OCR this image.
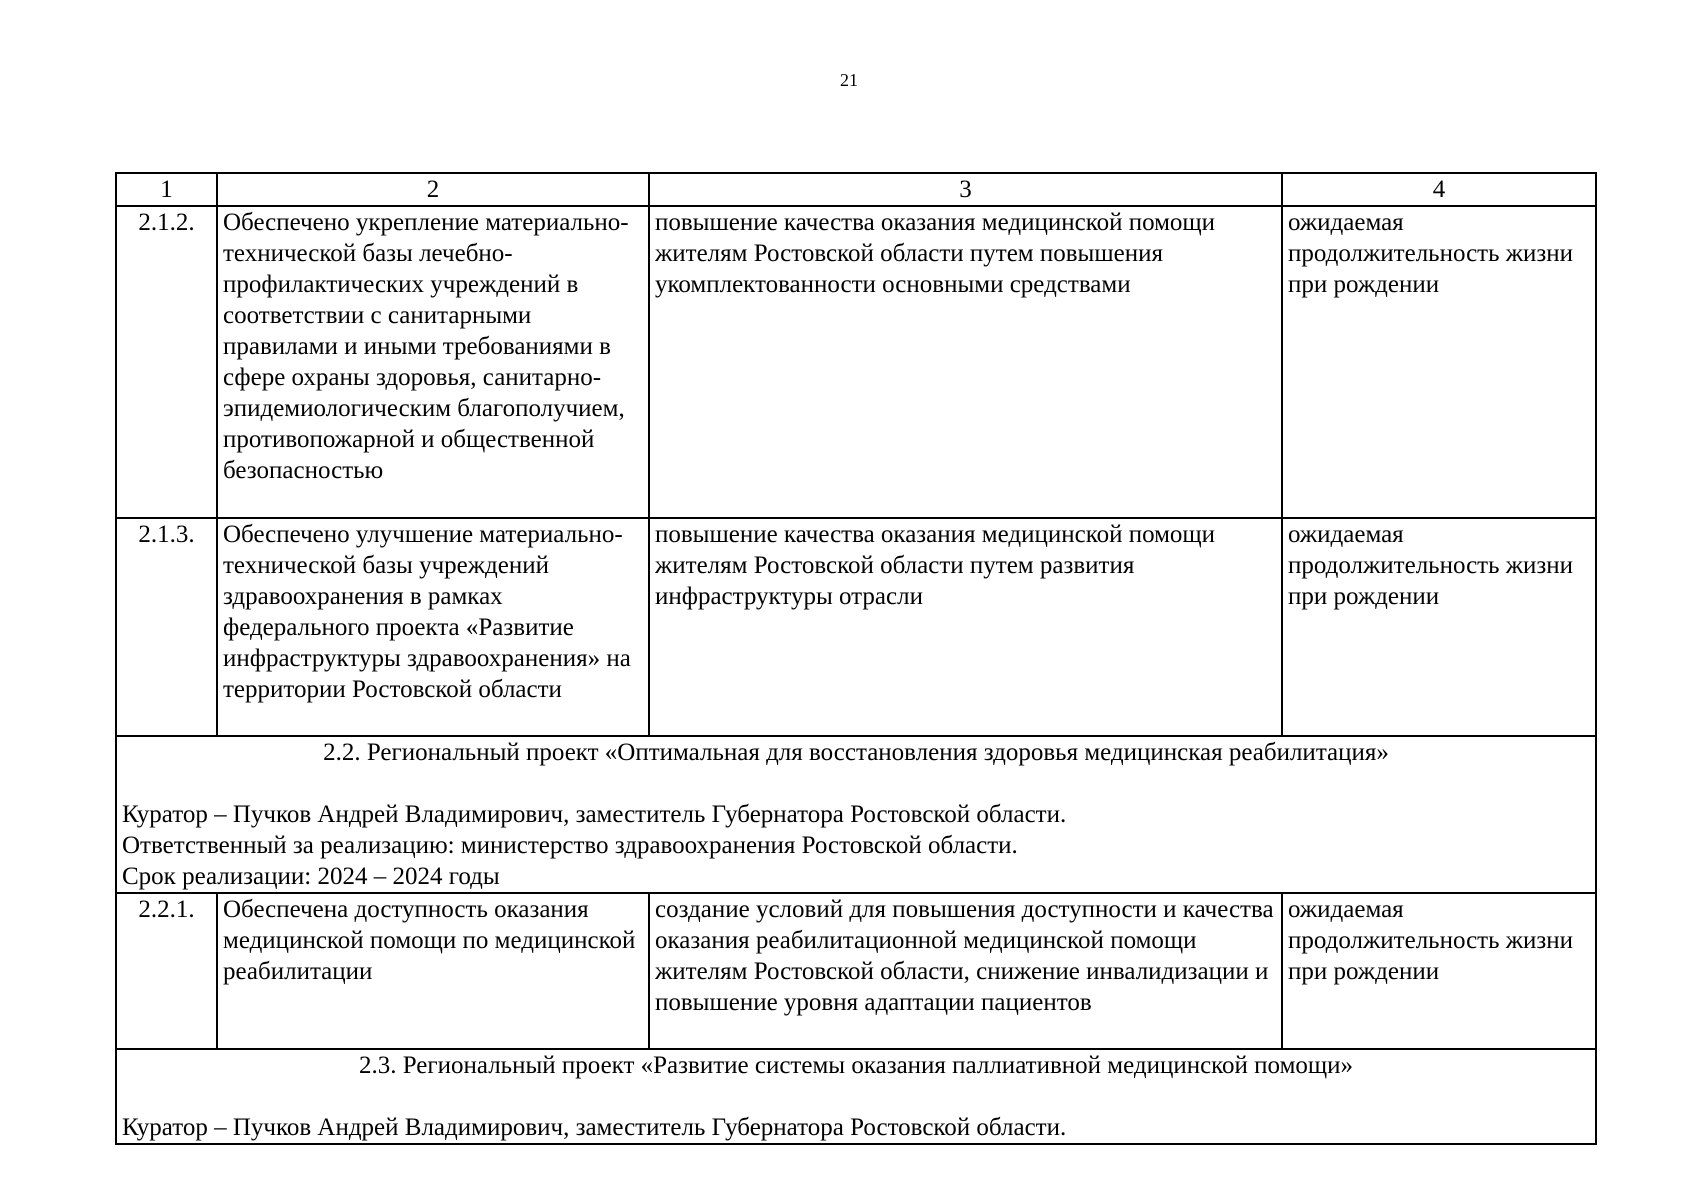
21
1	2	3	4
2.1.2.	Обеспечено укрепление материально-технической базы лечебно-профилактических учреждений в соответствии с санитарными правилами и иными требованиями в сфере охраны здоровья, санитарно-эпидемиологическим благополучием, противопожарной и общественной безопасностью	повышение качества оказания медицинской помощи жителям Ростовской области путем повышения укомплектованности основными средствами	ожидаемая продолжительность жизни при рождении
2.1.3.	Обеспечено улучшение материально-технической базы учреждений здравоохранения в рамках федерального проекта «Развитие инфраструктуры здравоохранения» на территории Ростовской области	повышение качества оказания медицинской помощи жителям Ростовской области путем развития инфраструктуры отрасли	ожидаемая продолжительность жизни при рождении

2.2. Региональный проект «Оптимальная для восстановления здоровья медицинская реабилитация»
Куратор – Пучков Андрей Владимирович, заместитель Губернатора Ростовской области.
Ответственный за реализацию: министерство здравоохранения Ростовской области.
Срок реализации: 2024 – 2024 годы			

2.2.1.	Обеспечена доступность оказания медицинской помощи по медицинской реабилитации	создание условий для повышения доступности и качества оказания реабилитационной медицинской помощи жителям Ростовской области, снижение инвалидизации и повышение уровня адаптации пациентов	ожидаемая продолжительность жизни при рождении

2.3. Региональный проект «Развитие системы оказания паллиативной медицинской помощи»
Куратор – Пучков Андрей Владимирович, заместитель Губернатора Ростовской области.			
